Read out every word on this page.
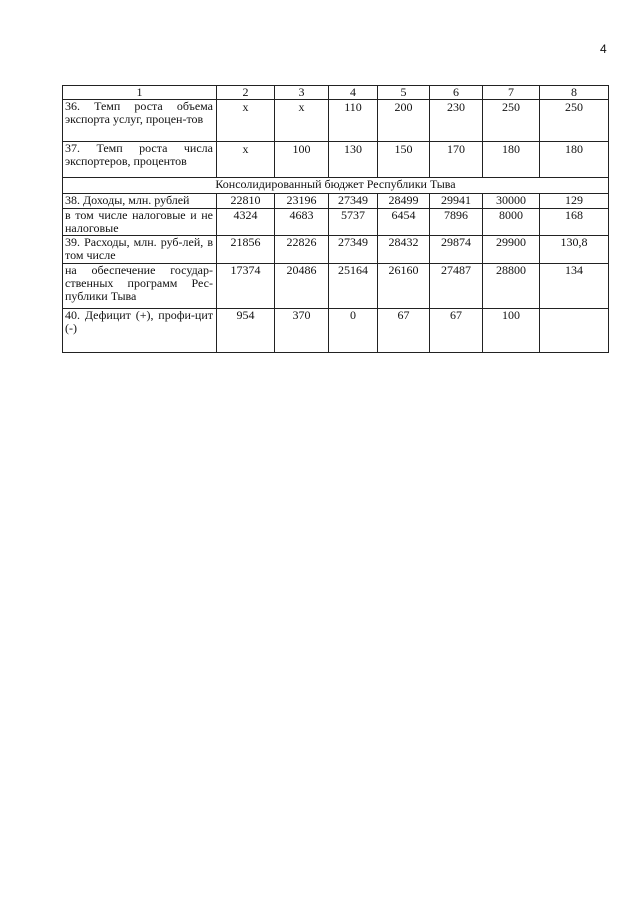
4
1	2	3	4	5	6	7	8
36. Темп роста объема экспорта услуг, процен-тов	х	х	110	200	230	250	250
37. Темп роста числа экспортеров, процентов	х	100	130	150	170	180	180
Консолидированный бюджет Республики Тыва							
38. Доходы, млн. рублей	22810	23196	27349	28499	29941	30000	129
в том числе налоговые и не налоговые	4324	4683	5737	6454	7896	8000	168
39. Расходы, млн. руб-лей, в том числе	21856	22826	27349	28432	29874	29900	130,8
на обеспечение государ-ственных программ Рес-публики Тыва	17374	20486	25164	26160	27487	28800	134
40. Дефицит (+), профи-цит (-)	954	370	0	67	67	100	
